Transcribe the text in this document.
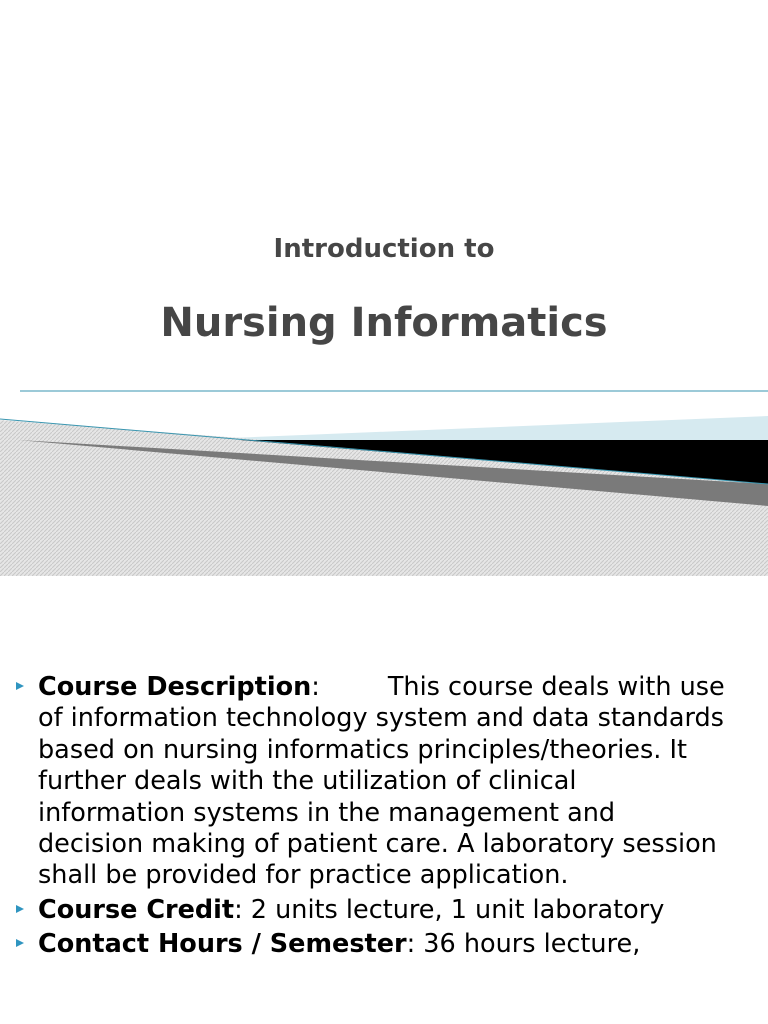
Introduction to
Nursing Informatics
Course Description:	This course deals with use of information technology system and data standards based on nursing informatics principles/theories. It further deals with the utilization of clinical information systems in the management and decision making of patient care. A laboratory session shall be provided for practice application.
Course Credit: 2 units lecture, 1 unit laboratory
Contact Hours / Semester: 36 hours lecture,
